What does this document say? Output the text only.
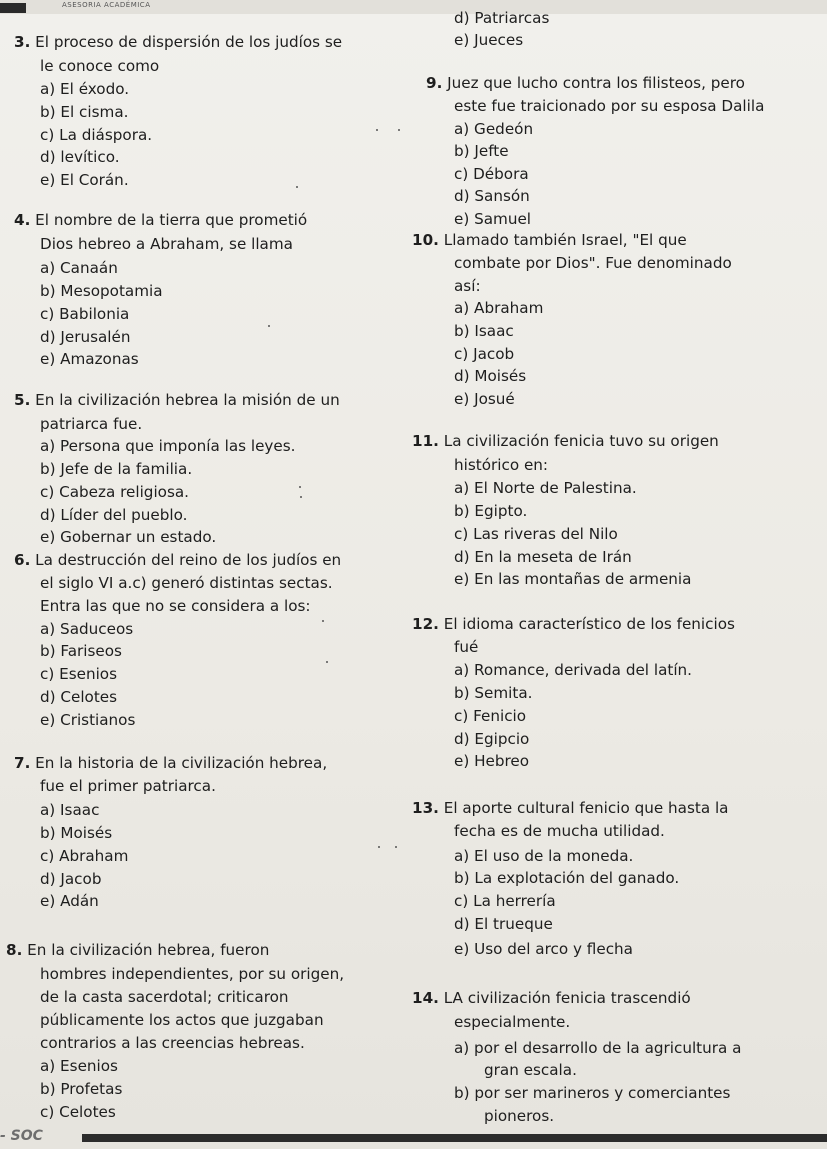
ASESORIA ACADÉMICA
3. El proceso de dispersión de los judíos se
le conoce como
a) El éxodo.
b) El cisma.
c) La diáspora.
d) levítico.
e) El Corán.
4. El nombre de la tierra que prometió
Dios hebreo a Abraham, se llama
a) Canaán
b) Mesopotamia
c) Babilonia
d) Jerusalén
e) Amazonas
5. En la civilización hebrea la misión de un
patriarca fue.
a) Persona que imponía las leyes.
b) Jefe de la familia.
c) Cabeza religiosa.
d) Líder del pueblo.
e) Gobernar un estado.
6. La destrucción del reino de los judíos en
el siglo VI a.c) generó distintas sectas.
Entra las que no se considera a los:
a) Saduceos
b) Fariseos
c) Esenios
d) Celotes
e) Cristianos
7. En la historia de la civilización hebrea,
fue el primer patriarca.
a) Isaac
b) Moisés
c) Abraham
d) Jacob
e) Adán
8. En la civilización hebrea, fueron
hombres independientes, por su origen,
de la casta sacerdotal; criticaron
públicamente los actos que juzgaban
contrarios a las creencias hebreas.
a) Esenios
b) Profetas
c) Celotes
d) Patriarcas
e) Jueces
9. Juez que lucho contra los filisteos, pero
este fue traicionado por su esposa Dalila
a) Gedeón
b) Jefte
c) Débora
d) Sansón
e) Samuel
10. Llamado también Israel, "El que
combate por Dios". Fue denominado
así:
a) Abraham
b) Isaac
c) Jacob
d) Moisés
e) Josué
11. La civilización fenicia tuvo su origen
histórico en:
a) El Norte de Palestina.
b) Egipto.
c) Las riveras del Nilo
d) En la meseta de Irán
e) En las montañas de armenia
12. El idioma característico de los fenicios
fué
a) Romance, derivada del latín.
b) Semita.
c) Fenicio
d) Egipcio
e) Hebreo
13. El aporte cultural fenicio que hasta la
fecha es de mucha utilidad.
a) El uso de la moneda.
b) La explotación del ganado.
c) La herrería
d) El trueque
e) Uso del arco y flecha
14. LA civilización fenicia trascendió
especialmente.
a) por el desarrollo de la agricultura a
gran escala.
b) por ser marineros y comerciantes
pioneros.
- SOC
